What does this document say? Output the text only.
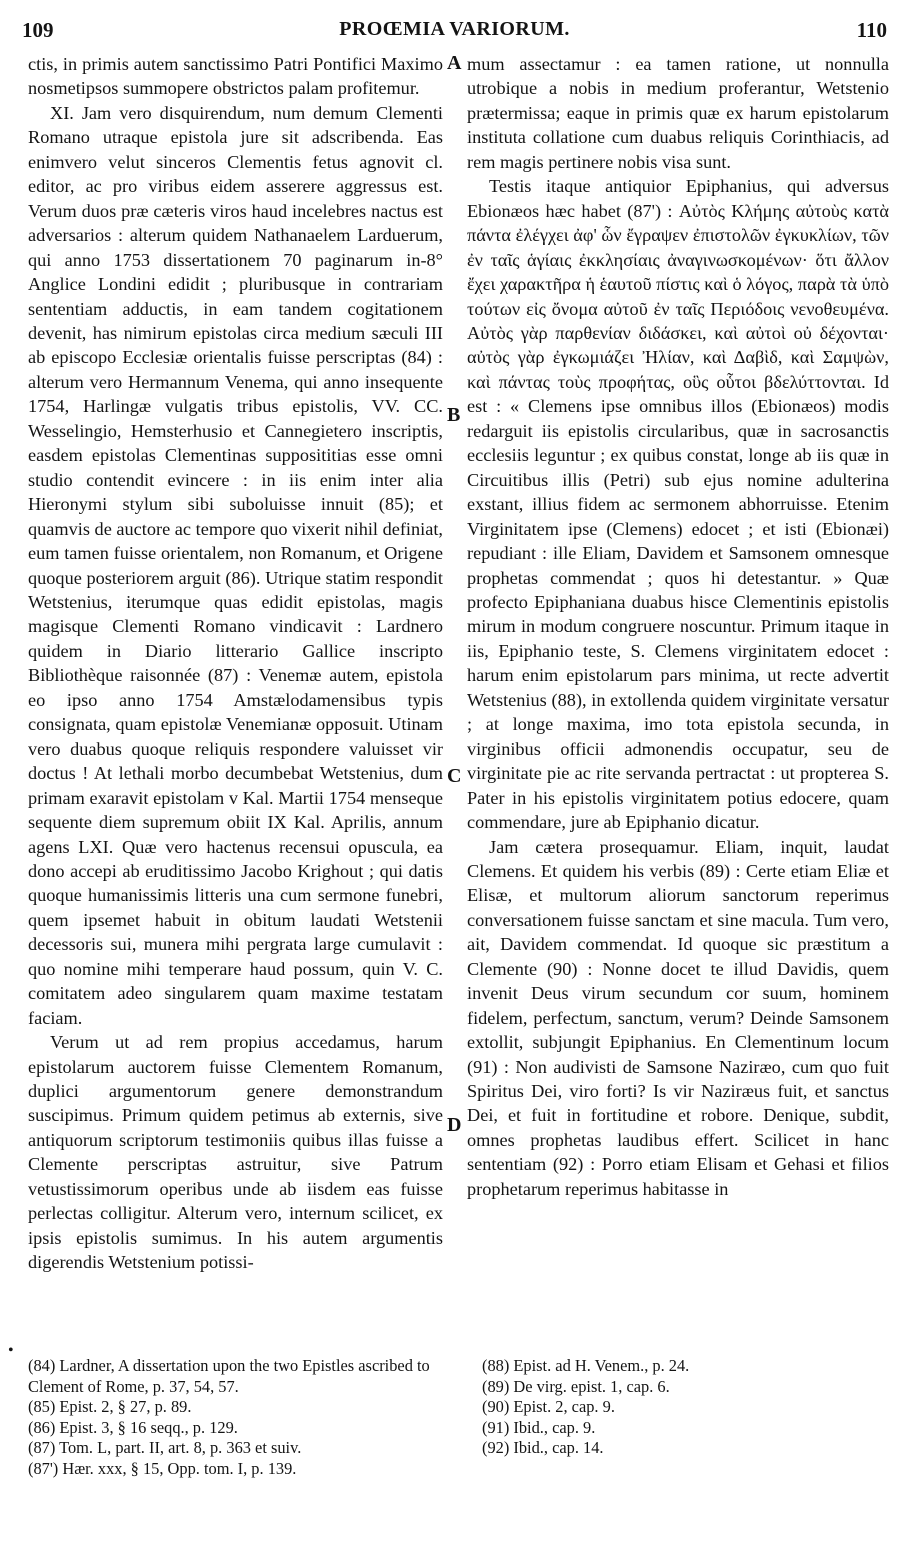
109	PROŒMIA VARIORUM.	110

ctis, in primis autem sanctissimo Patri Pontifici Maximo nosmetipsos summopere obstrictos palam profitemur.

XI. Jam vero disquirendum, num demum Clementi Romano utraque epistola jure sit adscribenda. Eas enimvero velut sinceros Clementis fetus agnovit cl. editor, ac pro viribus eidem asserere aggressus est. Verum duos præ cæteris viros haud incelebres nactus est adversarios : alterum quidem Nathanaelem Larduerum, qui anno 1753 dissertationem 70 paginarum in-8° Anglice Londini edidit ; pluribusque in contrariam sententiam adductis, in eam tandem cogitationem devenit, has nimirum epistolas circa medium sæculi III ab episcopo Ecclesiæ orientalis fuisse perscriptas (84) : alterum vero Hermannum Venema, qui anno insequente 1754, Harlingæ vulgatis tribus epistolis, VV. CC. Wesselingio, Hemsterhusio et Cannegietero inscriptis, easdem epistolas Clementinas supposititias esse omni studio contendit evincere : in iis enim inter alia Hieronymi stylum sibi suboluisse innuit (85); et quamvis de auctore ac tempore quo vixerit nihil definiat, eum tamen fuisse orientalem, non Romanum, et Origene quoque posteriorem arguit (86). Utrique statim respondit Wetstenius, iterumque quas edidit epistolas, magis magisque Clementi Romano vindicavit : Lardnero quidem in Diario litterario Gallice inscripto Bibliothèque raisonnée (87) : Venemæ autem, epistola eo ipso anno 1754 Amstælodamensibus typis consignata, quam epistolæ Venemianæ opposuit. Utinam vero duabus quoque reliquis respondere valuisset vir doctus ! At lethali morbo decumbebat Wetstenius, dum primam exaravit epistolam v Kal. Martii 1754 menseque sequente diem supremum obiit IX Kal. Aprilis, annum agens LXI. Quæ vero hactenus recensui opuscula, ea dono accepi ab eruditissimo Jacobo Krighout ; qui datis quoque humanissimis litteris una cum sermone funebri, quem ipsemet habuit in obitum laudati Wetstenii decessoris sui, munera mihi pergrata large cumulavit : quo nomine mihi temperare haud possum, quin V. C. comitatem adeo singularem quam maxime testatam faciam.

Verum ut ad rem propius accedamus, harum epistolarum auctorem fuisse Clementem Romanum, duplici argumentorum genere demonstrandum suscipimus. Primum quidem petimus ab externis, sive antiquorum scriptorum testimoniis quibus illas fuisse a Clemente perscriptas astruitur, sive Patrum vetustissimorum operibus unde ab iisdem eas fuisse perlectas colligitur. Alterum vero, internum scilicet, ex ipsis epistolis sumimus. In his autem argumentis digerendis Wetstenium potissi-

mum assectamur : ea tamen ratione, ut nonnulla utrobique a nobis in medium proferantur, Wetstenio prætermissa; eaque in primis quæ ex harum epistolarum instituta collatione cum duabus reliquis Corinthiacis, ad rem magis pertinere nobis visa sunt.

Testis itaque antiquior Epiphanius, qui adversus Ebionæos hæc habet (87') : Αὐτὸς Κλήμης αὐτοὺς κατὰ πάντα ἐλέγχει ἀφ' ὧν ἔγραψεν ἐπιστολῶν ἐγκυκλίων, τῶν ἐν ταῖς ἁγίαις ἐκκλησίαις ἀναγινωσκομένων· ὅτι ἄλλον ἔχει χαρακτῆρα ἡ ἑαυτοῦ πίστις καὶ ὁ λόγος, παρὰ τὰ ὑπὸ τούτων εἰς ὄνομα αὐτοῦ ἐν ταῖς Περιόδοις νενοθευμένα. Αὐτὸς γὰρ παρθενίαν διδάσκει, καὶ αὐτοὶ οὐ δέχονται· αὐτὸς γὰρ ἐγκωμιάζει Ἠλίαν, καὶ Δαβὶδ, καὶ Σαμψὼν, καὶ πάντας τοὺς προφήτας, οὓς οὗτοι βδελύττονται. Id est : « Clemens ipse omnibus illos (Ebionæos) modis redarguit iis epistolis circularibus, quæ in sacrosanctis ecclesiis leguntur ; ex quibus constat, longe ab iis quæ in Circuitibus illis (Petri) sub ejus nomine adulterina exstant, illius fidem ac sermonem abhorruisse. Etenim Virginitatem ipse (Clemens) edocet ; et isti (Ebionæi) repudiant : ille Eliam, Davidem et Samsonem omnesque prophetas commendat ; quos hi detestantur. » Quæ profecto Epiphaniana duabus hisce Clementinis epistolis mirum in modum congruere noscuntur. Primum itaque in iis, Epiphanio teste, S. Clemens virginitatem edocet : harum enim epistolarum pars minima, ut recte advertit Wetstenius (88), in extollenda quidem virginitate versatur ; at longe maxima, imo tota epistola secunda, in virginibus officii admonendis occupatur, seu de virginitate pie ac rite servanda pertractat : ut propterea S. Pater in his epistolis virginitatem potius edocere, quam commendare, jure ab Epiphanio dicatur.

Jam cætera prosequamur. Eliam, inquit, laudat Clemens. Et quidem his verbis (89) : Certe etiam Eliæ et Elisæ, et multorum aliorum sanctorum reperimus conversationem fuisse sanctam et sine macula. Tum vero, ait, Davidem commendat. Id quoque sic præstitum a Clemente (90) : Nonne docet te illud Davidis, quem invenit Deus virum secundum cor suum, hominem fidelem, perfectum, sanctum, verum? Deinde Samsonem extollit, subjungit Epiphanius. En Clementinum locum (91) : Non audivisti de Samsone Naziræo, cum quo fuit Spiritus Dei, viro forti? Is vir Naziræus fuit, et sanctus Dei, et fuit in fortitudine et robore. Denique, subdit, omnes prophetas laudibus effert. Scilicet in hanc sententiam (92) : Porro etiam Elisam et Gehasi et filios prophetarum reperimus habitasse in

A
B
C
D
•
(84) Lardner, A dissertation upon the two Epistles ascribed to Clement of Rome, p. 37, 54, 57.
(85) Epist. 2, § 27, p. 89.
(86) Epist. 3, § 16 seqq., p. 129.
(87) Tom. L, part. II, art. 8, p. 363 et suiv.
(87') Hær. xxx, § 15, Opp. tom. I, p. 139.
(88) Epist. ad H. Venem., p. 24.
(89) De virg. epist. 1, cap. 6.
(90) Epist. 2, cap. 9.
(91) Ibid., cap. 9.
(92) Ibid., cap. 14.
